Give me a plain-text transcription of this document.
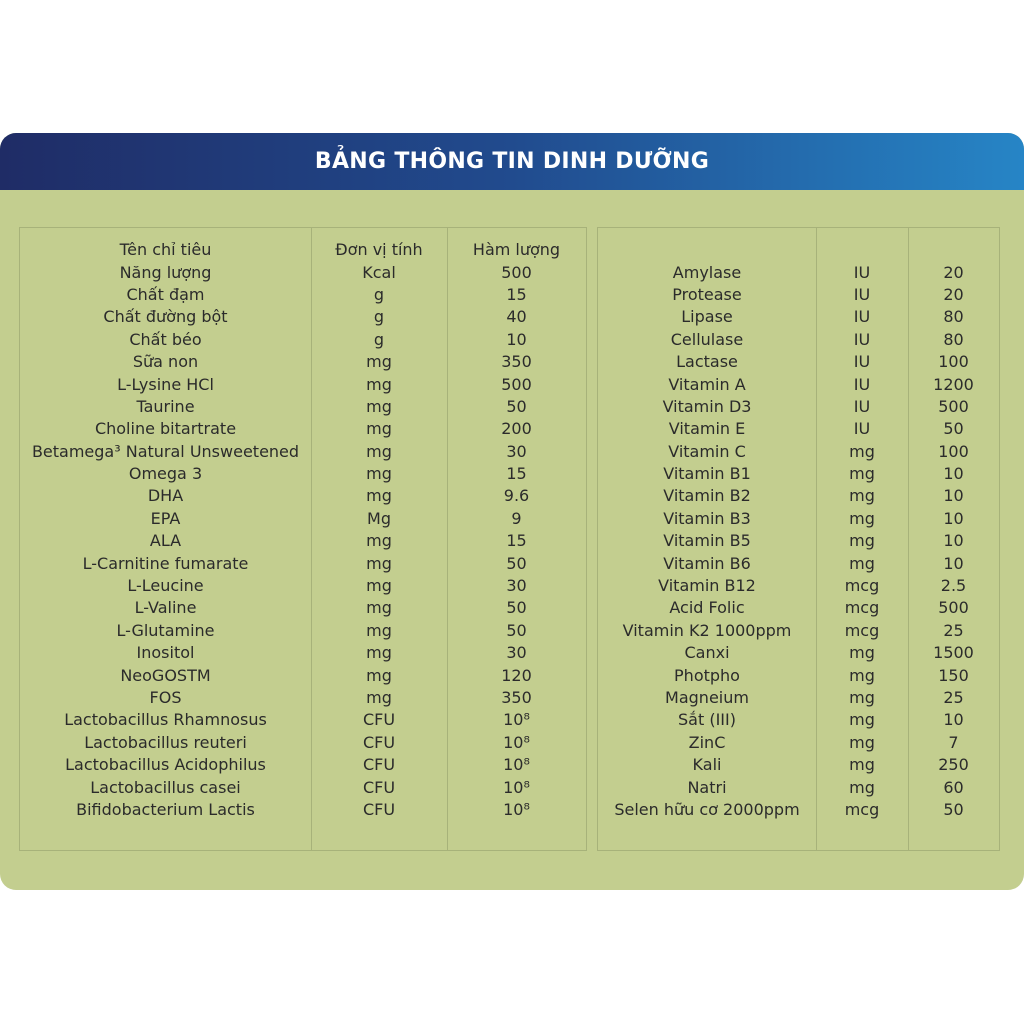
BẢNG THÔNG TIN DINH DƯỠNG
Tên chỉ tiêu	Đơn vị tính	Hàm lượng
Năng lượng	Kcal	500
Chất đạm	g	15
Chất đường bột	g	40
Chất béo	g	10
Sữa non	mg	350
L-Lysine HCl	mg	500
Taurine	mg	50
Choline bitartrate	mg	200
Betamega³ Natural Unsweetened	mg	30
Omega 3	mg	15
DHA	mg	9.6
EPA	Mg	9
ALA	mg	15
L-Carnitine fumarate	mg	50
L-Leucine	mg	30
L-Valine	mg	50
L-Glutamine	mg	50
Inositol	mg	30
NeoGOSTM	mg	120
FOS	mg	350
Lactobacillus Rhamnosus	CFU	10⁸
Lactobacillus reuteri	CFU	10⁸
Lactobacillus Acidophilus	CFU	10⁸
Lactobacillus casei	CFU	10⁸
Bifidobacterium Lactis	CFU	10⁸
Amylase	IU	20
Protease	IU	20
Lipase	IU	80
Cellulase	IU	80
Lactase	IU	100
Vitamin A	IU	1200
Vitamin D3	IU	500
Vitamin E	IU	50
Vitamin C	mg	100
Vitamin B1	mg	10
Vitamin B2	mg	10
Vitamin B3	mg	10
Vitamin B5	mg	10
Vitamin B6	mg	10
Vitamin B12	mcg	2.5
Acid Folic	mcg	500
Vitamin K2 1000ppm	mcg	25
Canxi	mg	1500
Photpho	mg	150
Magneium	mg	25
Sắt (III)	mg	10
ZinC	mg	7
Kali	mg	250
Natri	mg	60
Selen hữu cơ 2000ppm	mcg	50
